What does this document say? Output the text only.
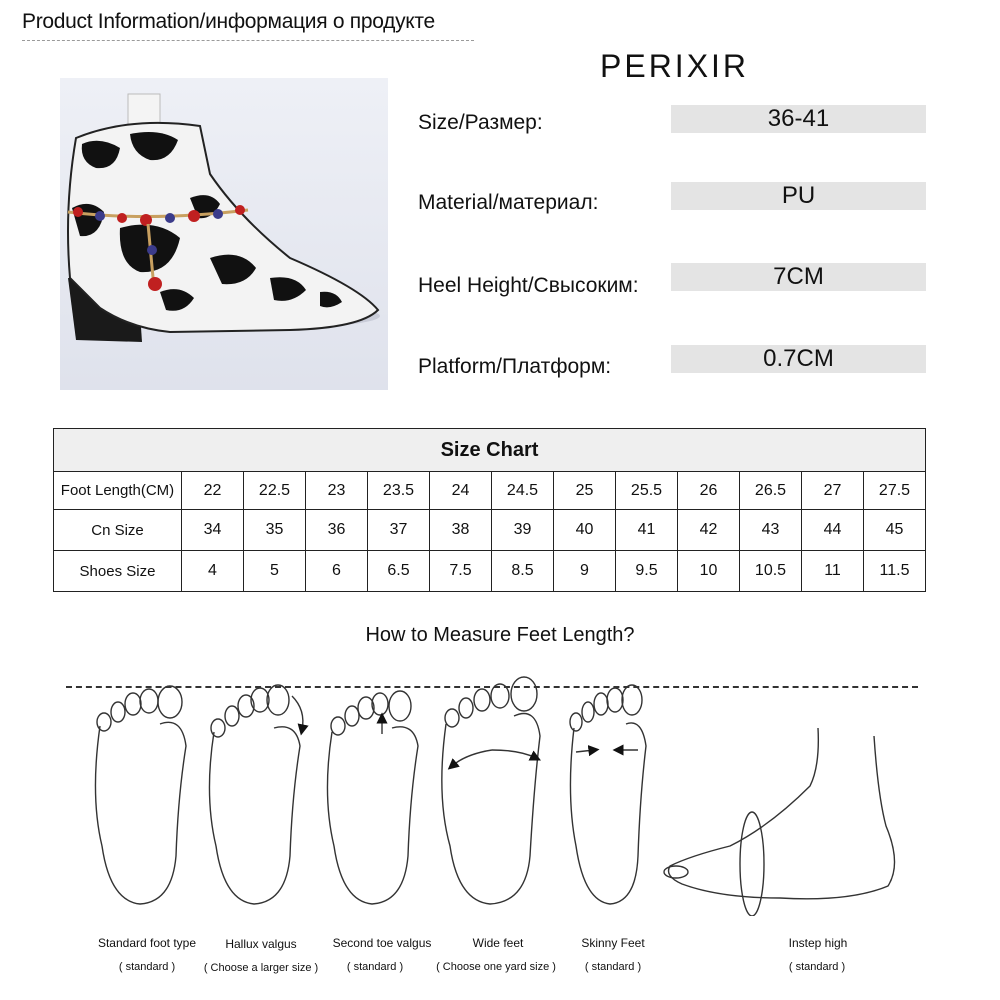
Product Information/информация о продукте
PERIXIR
Size/Размер:	36-41
Material/материал:	PU
Heel Height/Свысоким:	7CM
Platform/Платформ:	0.7CM
Size Chart												
Foot Length(CM)	22	22.5	23	23.5	24	24.5	25	25.5	26	26.5	27	27.5
Cn Size	34	35	36	37	38	39	40	41	42	43	44	45
Shoes Size	4	5	6	6.5	7.5	8.5	9	9.5	10	10.5	11	11.5
How to Measure Feet Length?
Standard foot type
( standard )
Hallux valgus
( Choose a larger size )
Second toe valgus
( standard )
Wide feet
( Choose one yard size )
Skinny Feet
( standard )
Instep high
( standard )
